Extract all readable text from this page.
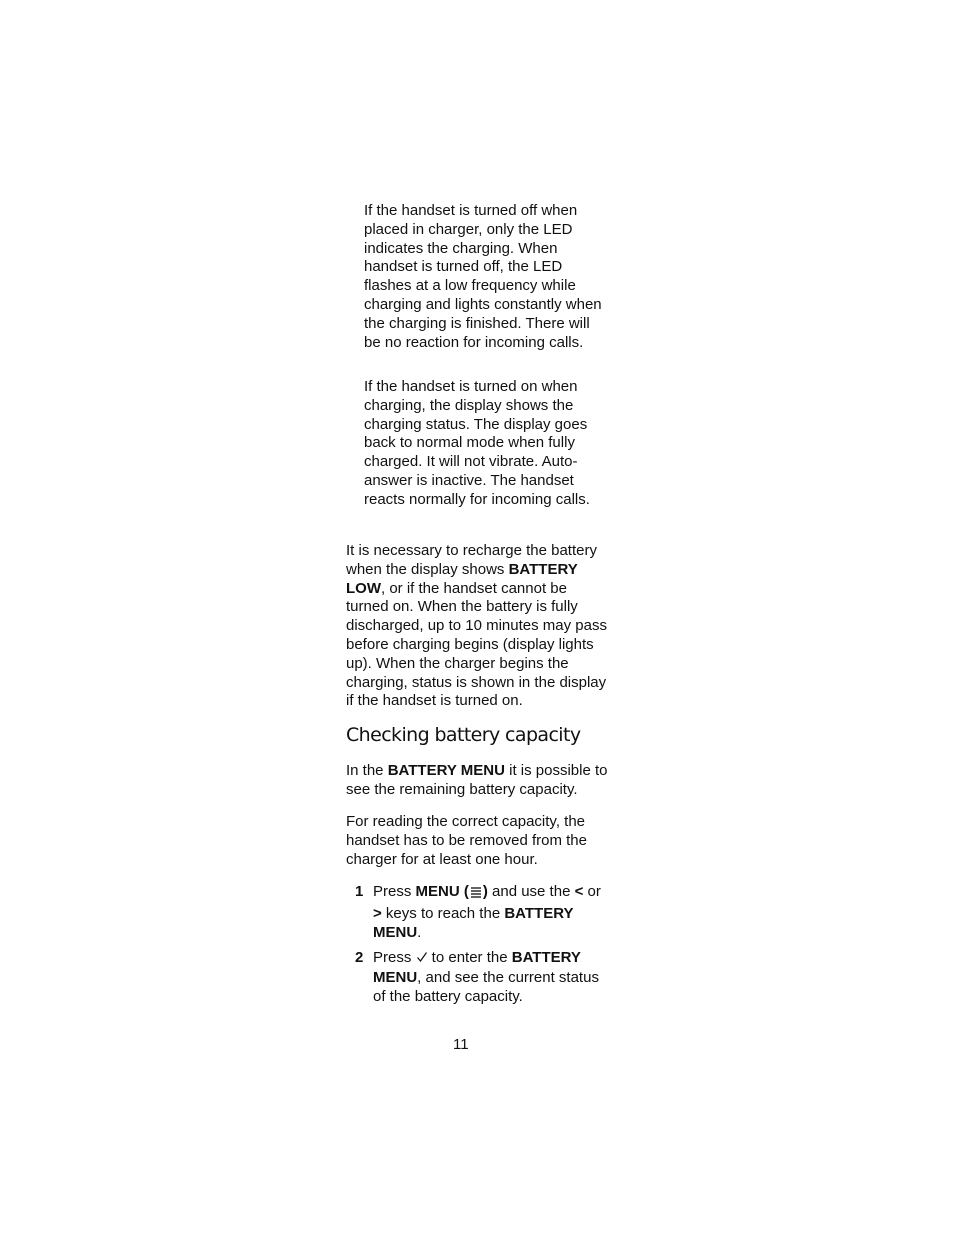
If the handset is turned off when placed in charger, only the LED indicates the charging. When handset is turned off, the LED flashes at a low frequency while charging and lights constantly when the charging is finished. There will be no reaction for incoming calls.

If the handset is turned on when charging, the display shows the charging status. The display goes back to normal mode when fully charged. It will not vibrate. Auto-answer is inactive. The handset reacts normally for incoming calls.

It is necessary to recharge the battery when the display shows BATTERY LOW, or if the handset cannot be turned on. When the battery is fully discharged, up to 10 minutes may pass before charging begins (display lights up). When the charger begins the charging, status is shown in the display if the handset is turned on.

Checking battery capacity

In the BATTERY MENU it is possible to see the remaining battery capacity.

For reading the correct capacity, the handset has to be removed from the charger for at least one hour.

1 Press MENU ( ) and use the < or > keys to reach the BATTERY MENU.
2 Press  to enter the BATTERY MENU, and see the current status of the battery capacity.

11
